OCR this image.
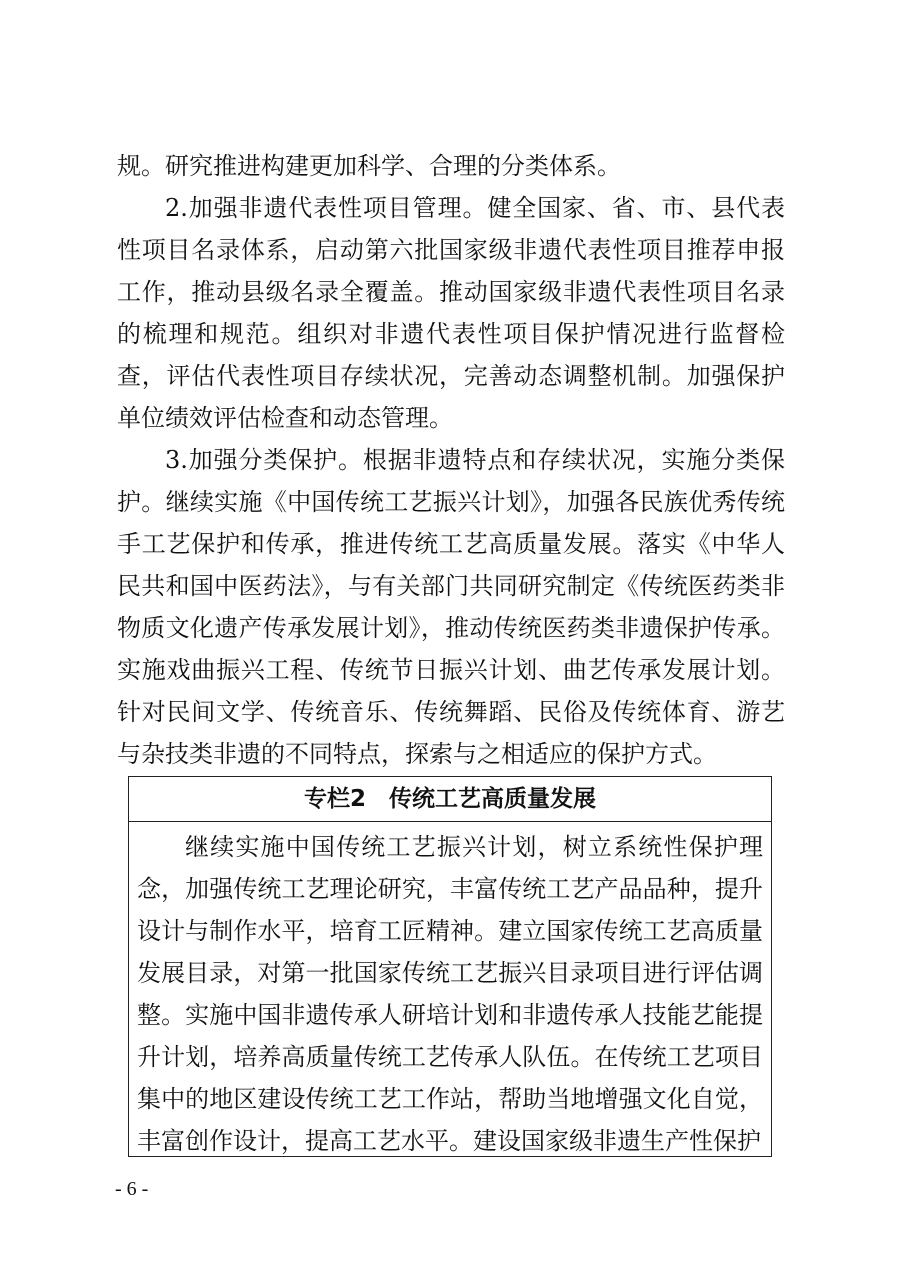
规。研究推进构建更加科学、合理的分类体系。

2.加强非遗代表性项目管理。健全国家、省、市、县代表性项目名录体系，启动第六批国家级非遗代表性项目推荐申报工作，推动县级名录全覆盖。推动国家级非遗代表性项目名录的梳理和规范。组织对非遗代表性项目保护情况进行监督检查，评估代表性项目存续状况，完善动态调整机制。加强保护单位绩效评估检查和动态管理。

3.加强分类保护。根据非遗特点和存续状况，实施分类保护。继续实施《中国传统工艺振兴计划》，加强各民族优秀传统手工艺保护和传承，推进传统工艺高质量发展。落实《中华人民共和国中医药法》，与有关部门共同研究制定《传统医药类非物质文化遗产传承发展计划》，推动传统医药类非遗保护传承。实施戏曲振兴工程、传统节日振兴计划、曲艺传承发展计划。针对民间文学、传统音乐、传统舞蹈、民俗及传统体育、游艺与杂技类非遗的不同特点，探索与之相适应的保护方式。

专栏2　传统工艺高质量发展
继续实施中国传统工艺振兴计划，树立系统性保护理念，加强传统工艺理论研究，丰富传统工艺产品品种，提升设计与制作水平，培育工匠精神。建立国家传统工艺高质量发展目录，对第一批国家传统工艺振兴目录项目进行评估调整。实施中国非遗传承人研培计划和非遗传承人技能艺能提升计划，培养高质量传统工艺传承人队伍。在传统工艺项目集中的地区建设传统工艺工作站，帮助当地增强文化自觉，丰富创作设计，提高工艺水平。建设国家级非遗生产性保护
- 6 -
